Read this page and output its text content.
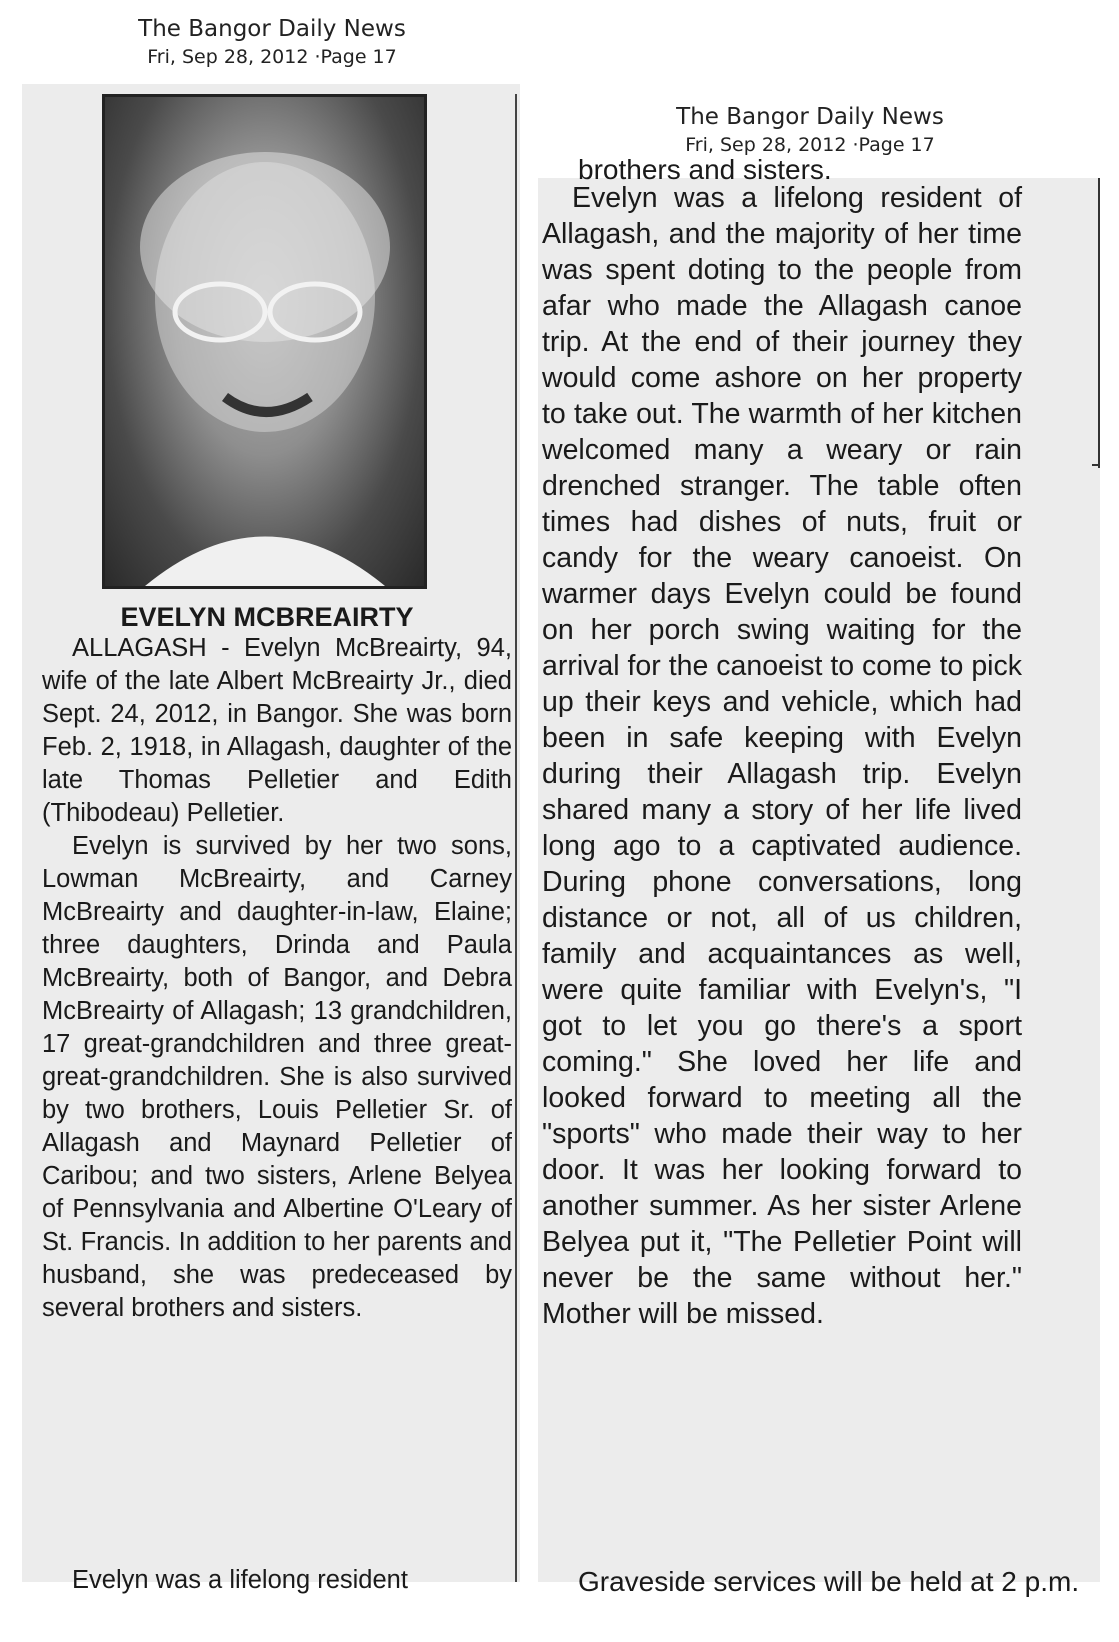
The Bangor Daily News
Fri, Sep 28, 2012 ·Page 17
The Bangor Daily News
Fri, Sep 28, 2012 ·Page 17
EVELYN MCBREAIRTY

ALLAGASH - Evelyn McBreairty, 94, wife of the late Albert McBreairty Jr., died Sept. 24, 2012, in Bangor. She was born Feb. 2, 1918, in Allagash, daughter of the late Thomas Pelletier and Edith (Thibodeau) Pelletier.

Evelyn is survived by her two sons, Lowman McBreairty, and Carney McBreairty and daughter-in-law, Elaine; three daughters, Drinda and Paula McBreairty, both of Bangor, and Debra McBreairty of Allagash; 13 grandchildren, 17 great-grandchildren and three great-great-grandchildren. She is also survived by two brothers, Louis Pelletier Sr. of Allagash and Maynard Pelletier of Caribou; and two sisters, Arlene Belyea of Pennsylvania and Albertine O'Leary of St. Francis. In addition to her parents and husband, she was predeceased by several brothers and sisters.

Evelyn was a lifelong resident
brothers and sisters.

Evelyn was a lifelong resident of Allagash, and the majority of her time was spent doting to the people from afar who made the Allagash canoe trip. At the end of their journey they would come ashore on her property to take out. The warmth of her kitchen welcomed many a weary or rain drenched stranger. The table often times had dishes of nuts, fruit or candy for the weary canoeist. On warmer days Evelyn could be found on her porch swing waiting for the arrival for the canoeist to come to pick up their keys and vehicle, which had been in safe keeping with Evelyn during their Allagash trip. Evelyn shared many a story of her life lived long ago to a captivated audience. During phone conversations, long distance or not, all of us children, family and acquaintances as well, were quite familiar with Evelyn's, "I got to let you go there's a sport coming." She loved her life and looked forward to meeting all the "sports" who made their way to her door. It was her looking forward to another summer. As her sister Arlene Belyea put it, "The Pelletier Point will never be the same without her." Mother will be missed.

Graveside services will be held at 2 p.m.
